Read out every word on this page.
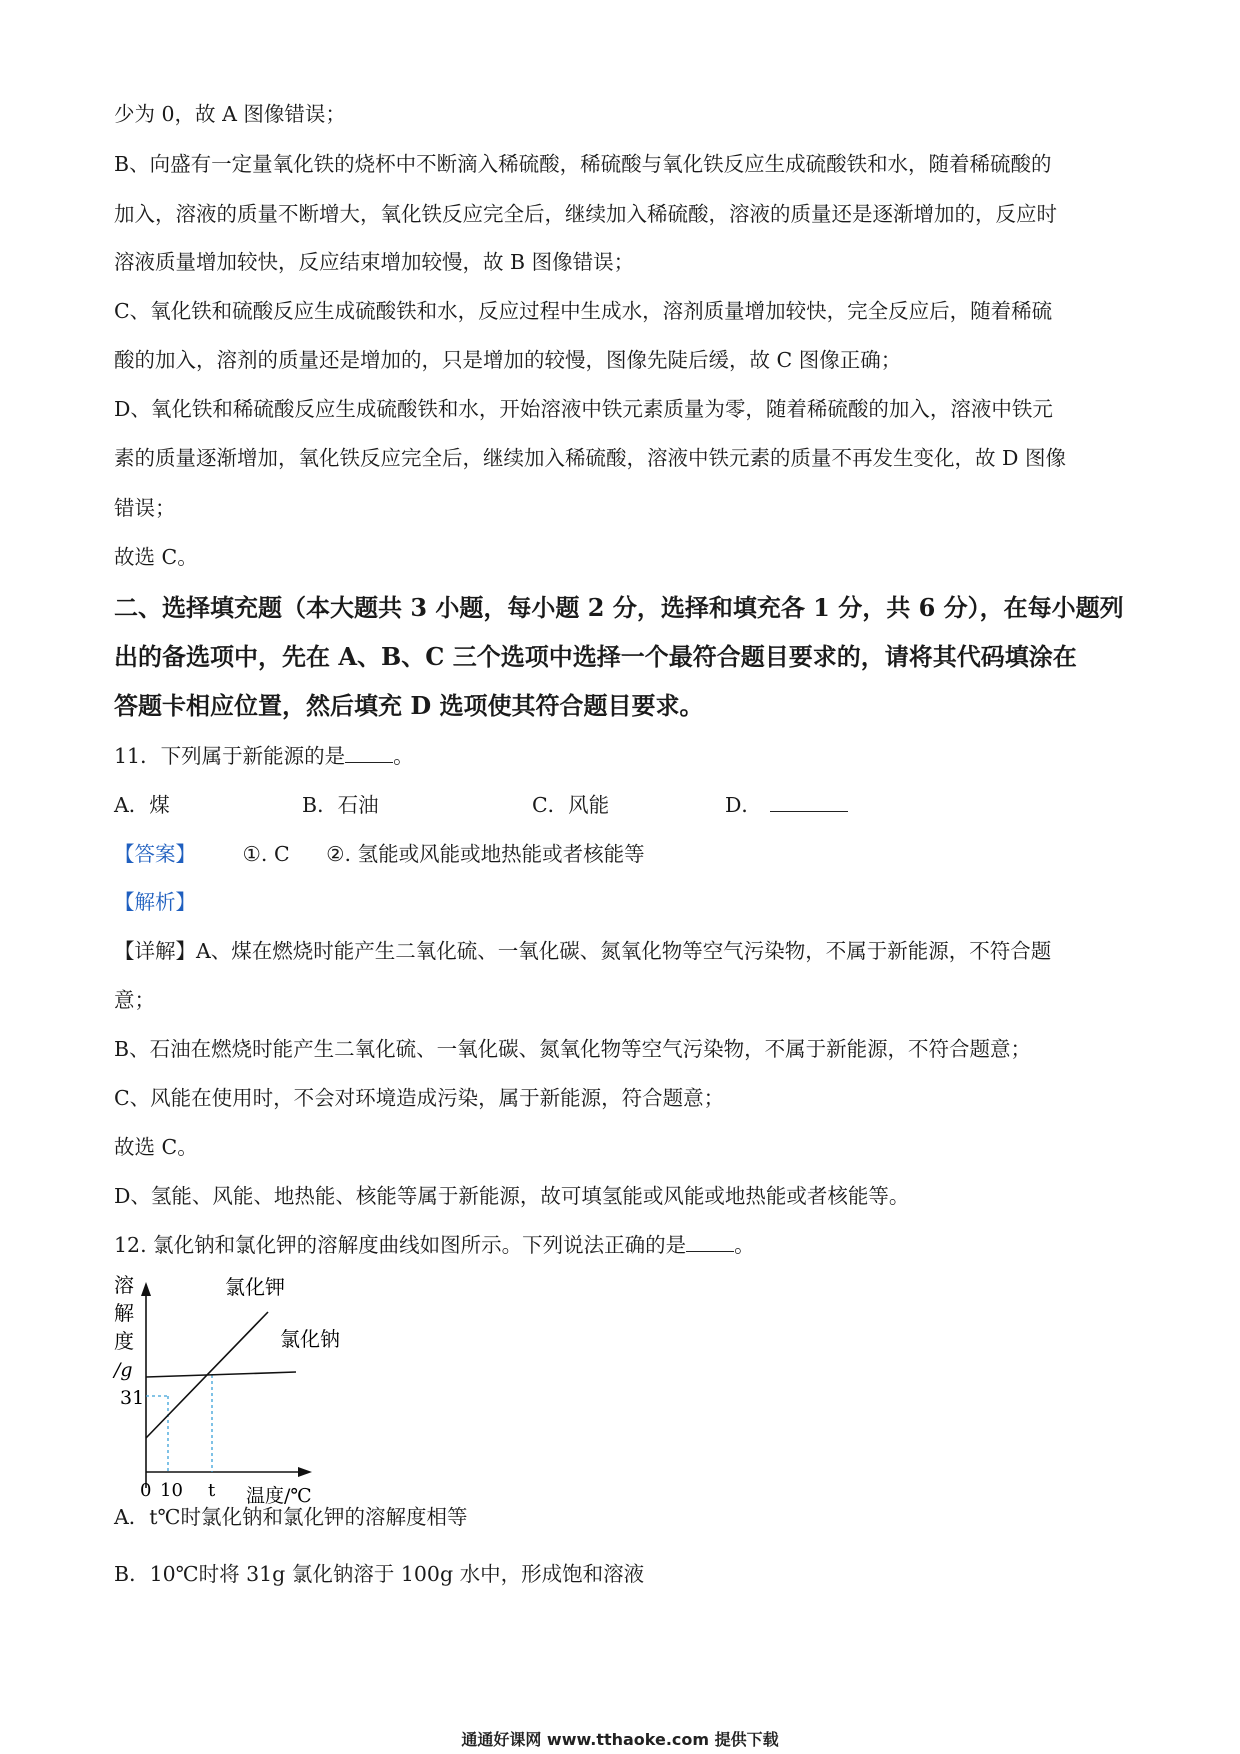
少为 0，故 A 图像错误；
B、向盛有一定量氧化铁的烧杯中不断滴入稀硫酸，稀硫酸与氧化铁反应生成硫酸铁和水，随着稀硫酸的
加入，溶液的质量不断增大，氧化铁反应完全后，继续加入稀硫酸，溶液的质量还是逐渐增加的，反应时
溶液质量增加较快，反应结束增加较慢，故 B 图像错误；
C、氧化铁和硫酸反应生成硫酸铁和水，反应过程中生成水，溶剂质量增加较快，完全反应后，随着稀硫
酸的加入，溶剂的质量还是增加的，只是增加的较慢，图像先陡后缓，故 C 图像正确；
D、氧化铁和稀硫酸反应生成硫酸铁和水，开始溶液中铁元素质量为零，随着稀硫酸的加入，溶液中铁元
素的质量逐渐增加，氧化铁反应完全后，继续加入稀硫酸，溶液中铁元素的质量不再发生变化，故 D 图像
错误；
故选 C。
二、选择填充题（本大题共 3 小题，每小题 2 分，选择和填充各 1 分，共 6 分），在每小题列
出的备选项中，先在 A、B、C 三个选项中选择一个最符合题目要求的，请将其代码填涂在
答题卡相应位置，然后填充 D 选项使其符合题目要求。
11．下列属于新能源的是 。
A．煤	B．石油	C．风能	D．
【答案】 ①. C ②. 氢能或风能或地热能或者核能等
【解析】
【详解】A、煤在燃烧时能产生二氧化硫、一氧化碳、氮氧化物等空气污染物，不属于新能源，不符合题
意；
B、石油在燃烧时能产生二氧化硫、一氧化碳、氮氧化物等空气污染物，不属于新能源，不符合题意；
C、风能在使用时，不会对环境造成污染，属于新能源，符合题意；
故选 C。
D、氢能、风能、地热能、核能等属于新能源，故可填氢能或风能或地热能或者核能等。
12. 氯化钠和氯化钾的溶解度曲线如图所示。下列说法正确的是 。
溶
解
度
/g
氯化钾
氯化钠
31
0 10 t 温度/℃
A．t℃时氯化钠和氯化钾的溶解度相等
B．10℃时将 31g 氯化钠溶于 100g 水中，形成饱和溶液
通通好课网 www.tthaoke.com 提供下载
